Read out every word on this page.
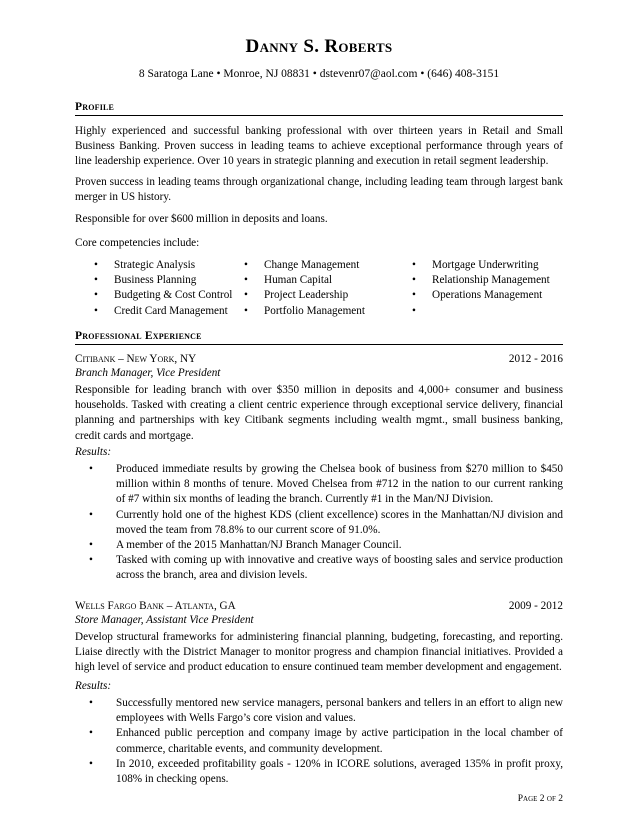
Danny S. Roberts
8 Saratoga Lane • Monroe, NJ 08831 • dstevenr07@aol.com • (646) 408-3151
Profile

Highly experienced and successful banking professional with over thirteen years in Retail and Small Business Banking. Proven success in leading teams to achieve exceptional performance through years of line leadership experience. Over 10 years in strategic planning and execution in retail segment leadership.

Proven success in leading teams through organizational change, including leading team through largest bank merger in US history.

Responsible for over $600 million in deposits and loans.

Core competencies include:

• Strategic Analysis
• Business Planning
• Budgeting & Cost Control
• Credit Card Management
• Change Management
• Human Capital
• Project Leadership
• Portfolio Management
• Mortgage Underwriting
• Relationship Management
• Operations Management
•
Professional Experience
Citibank – New York, NY	2012 - 2016
Branch Manager, Vice President

Responsible for leading branch with over $350 million in deposits and 4,000+ consumer and business households. Tasked with creating a client centric experience through exceptional service delivery, financial planning and partnerships with key Citibank segments including wealth mgmt., small business banking, credit cards and mortgage.

Results:
• Produced immediate results by growing the Chelsea book of business from $270 million to $450 million within 8 months of tenure. Moved Chelsea from #712 in the nation to our current ranking of #7 within six months of leading the branch. Currently #1 in the Man/NJ Division.
• Currently hold one of the highest KDS (client excellence) scores in the Manhattan/NJ division and moved the team from 78.8% to our current score of 91.0%.
• A member of the 2015 Manhattan/NJ Branch Manager Council.
• Tasked with coming up with innovative and creative ways of boosting sales and service production across the branch, area and division levels.
Wells Fargo Bank – Atlanta, GA	2009 - 2012
Store Manager, Assistant Vice President

Develop structural frameworks for administering financial planning, budgeting, forecasting, and reporting. Liaise directly with the District Manager to monitor progress and champion financial initiatives. Provided a high level of service and product education to ensure continued team member development and engagement.

Results:
• Successfully mentored new service managers, personal bankers and tellers in an effort to align new employees with Wells Fargo’s core vision and values.
• Enhanced public perception and company image by active participation in the local chamber of commerce, charitable events, and community development.
• In 2010, exceeded profitability goals - 120% in ICORE solutions, averaged 135% in profit proxy, 108% in checking opens.
Page 2 of 2
